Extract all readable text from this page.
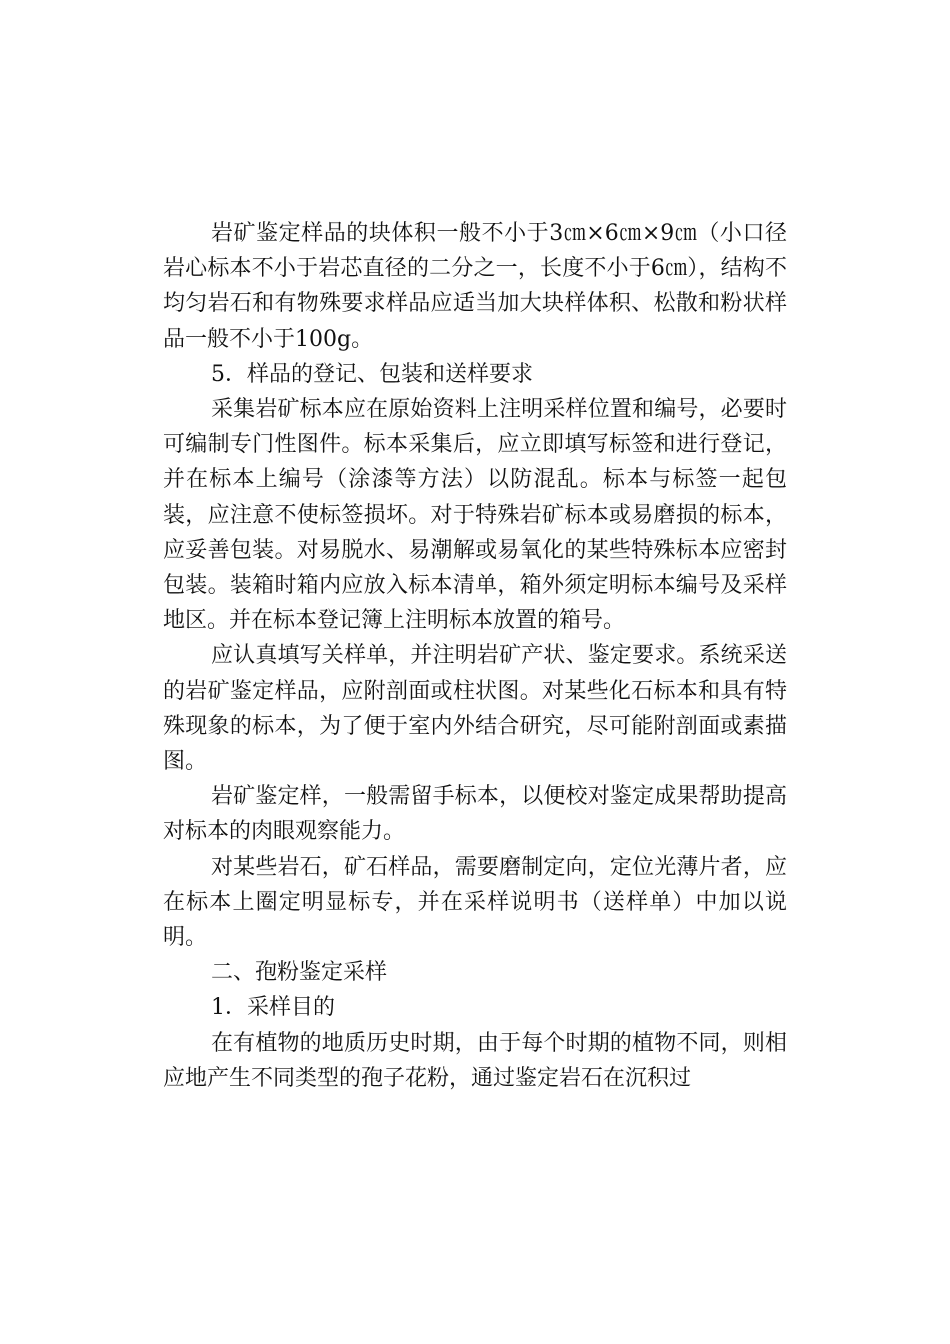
岩矿鉴定样品的块体积一般不小于3㎝×6㎝×9㎝（小口径岩心标本不小于岩芯直径的二分之一，长度不小于6㎝），结构不均匀岩石和有物殊要求样品应适当加大块样体积、松散和粉状样品一般不小于100g。

5．样品的登记、包装和送样要求

采集岩矿标本应在原始资料上注明采样位置和编号，必要时可编制专门性图件。标本采集后，应立即填写标签和进行登记，并在标本上编号（涂漆等方法）以防混乱。标本与标签一起包装，应注意不使标签损坏。对于特殊岩矿标本或易磨损的标本，应妥善包装。对易脱水、易潮解或易氧化的某些特殊标本应密封包装。装箱时箱内应放入标本清单，箱外须定明标本编号及采样地区。并在标本登记簿上注明标本放置的箱号。

应认真填写关样单，并注明岩矿产状、鉴定要求。系统采送的岩矿鉴定样品，应附剖面或柱状图。对某些化石标本和具有特殊现象的标本，为了便于室内外结合研究，尽可能附剖面或素描图。

岩矿鉴定样，一般需留手标本，以便校对鉴定成果帮助提高对标本的肉眼观察能力。

对某些岩石，矿石样品，需要磨制定向，定位光薄片者，应在标本上圈定明显标专，并在采样说明书（送样单）中加以说明。

二、孢粉鉴定采样

1．采样目的

在有植物的地质历史时期，由于每个时期的植物不同，则相应地产生不同类型的孢子花粉，通过鉴定岩石在沉积过
